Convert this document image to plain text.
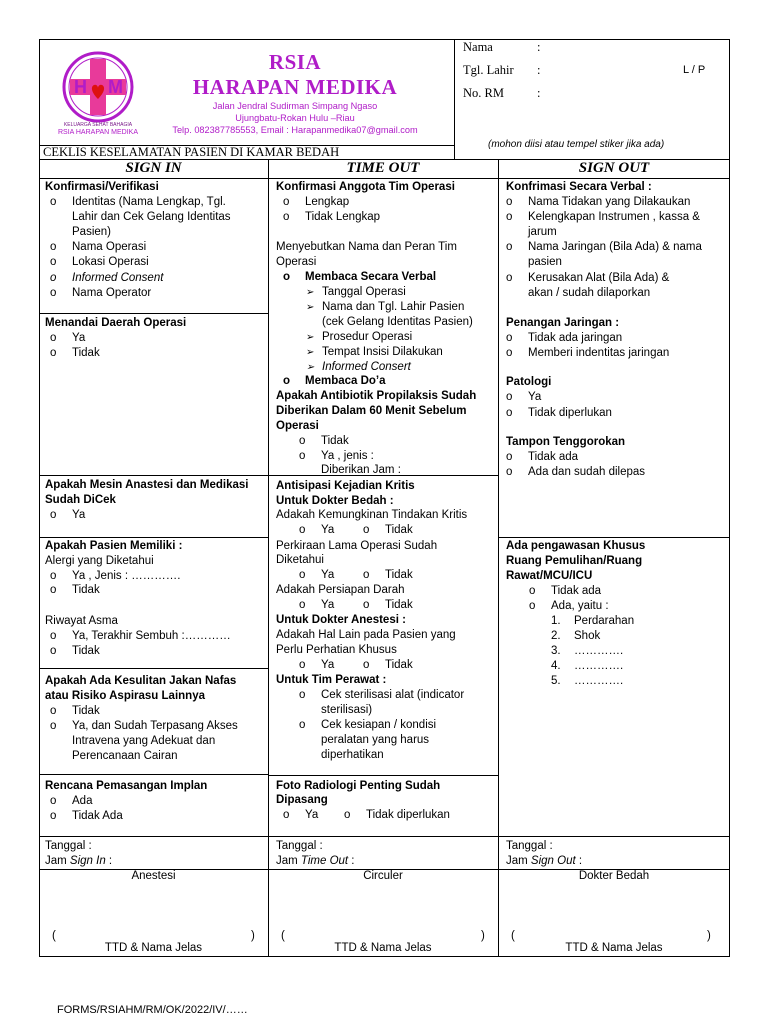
H M
KELUARGA SEHAT BAHAGIA
RSIA HARAPAN MEDIKA
RSIA
HARAPAN MEDIKA
Jalan Jendral Sudirman Simpang Ngaso
Ujungbatu-Rokan Hulu –Riau
Telp. 082387785553, Email : Harapanmedika07@gmail.com
Nama	:
Tgl. Lahir :	L / P
No. RM	:
(mohon diisi atau tempel stiker jika ada)
CEKLIS KESELAMATAN PASIEN DI KAMAR BEDAH
SIGN IN	TIME OUT	SIGN OUT
Konfirmasi/Verifikasi
o Identitas (Nama Lengkap, Tgl.
Lahir dan Cek Gelang Identitas
Pasien)
o Nama Operasi
o Lokasi Operasi
o Informed Consent
o Nama Operator
Menandai Daerah Operasi
o Ya
o Tidak
Apakah Mesin Anastesi dan Medikasi
Sudah DiCek
o Ya
Apakah Pasien Memiliki :
Alergi yang Diketahui
o Ya , Jenis : ………….
o Tidak
Riwayat Asma
o Ya, Terakhir Sembuh :…………
o Tidak
Apakah Ada Kesulitan Jakan Nafas
atau Risiko Aspirasu Lainnya
o Tidak
o Ya, dan Sudah Terpasang Akses
Intravena yang Adekuat dan
Perencanaan Cairan
Rencana Pemasangan Implan
o Ada
o Tidak Ada
Tanggal :
Jam Sign In :
Konfirmasi Anggota Tim Operasi
o Lengkap
o Tidak Lengkap
Menyebutkan Nama dan Peran Tim
Operasi
o Membaca Secara Verbal
➢ Tanggal Operasi
➢ Nama dan Tgl. Lahir Pasien
(cek Gelang Identitas Pasien)
➢ Prosedur Operasi
➢ Tempat Insisi Dilakukan
➢ Informed Consert
o Membaca Do’a
Apakah Antibiotik Propilaksis Sudah
Diberikan Dalam 60 Menit Sebelum
Operasi
o Tidak
o Ya , jenis :
Diberikan Jam :
Antisipasi Kejadian Kritis
Untuk Dokter Bedah :
Adakah Kemungkinan Tindakan Kritis
o Ya	o Tidak
Perkiraan Lama Operasi Sudah
Diketahui
o Ya	o Tidak
Adakah Persiapan Darah
o Ya	o Tidak
Untuk Dokter Anestesi :
Adakah Hal Lain pada Pasien yang
Perlu Perhatian Khusus
o Ya	o Tidak
Untuk Tim Perawat :
o Cek sterilisasi alat (indicator
sterilisasi)
o Cek kesiapan / kondisi
peralatan yang harus
diperhatikan
Foto Radiologi Penting Sudah
Dipasang
o Ya	o Tidak diperlukan
Tanggal :
Jam Time Out :
Konfrimasi Secara Verbal :
o Nama Tidakan yang Dilakaukan
o Kelengkapan Instrumen , kassa &
jarum
o Nama Jaringan (Bila Ada) & nama
pasien
o Kerusakan Alat (Bila Ada) &
akan / sudah dilaporkan
Penangan Jaringan :
o Tidak ada jaringan
o Memberi indentitas jaringan
Patologi
o Ya
o Tidak diperlukan
Tampon Tenggorokan
o Tidak ada
o Ada dan sudah dilepas
Ada pengawasan Khusus
Ruang Pemulihan/Ruang
Rawat/MCU/ICU
o Tidak ada
o Ada, yaitu :
1. Perdarahan
2. Shok
3. ………….
4. ………….
5. ………….
Tanggal :
Jam Sign Out :
Anestesi	Circuler	Dokter Bedah
(	)
TTD & Nama Jelas
(	)
TTD & Nama Jelas
(	)
TTD & Nama Jelas
FORMS/RSIAHM/RM/OK/2022/IV/……
